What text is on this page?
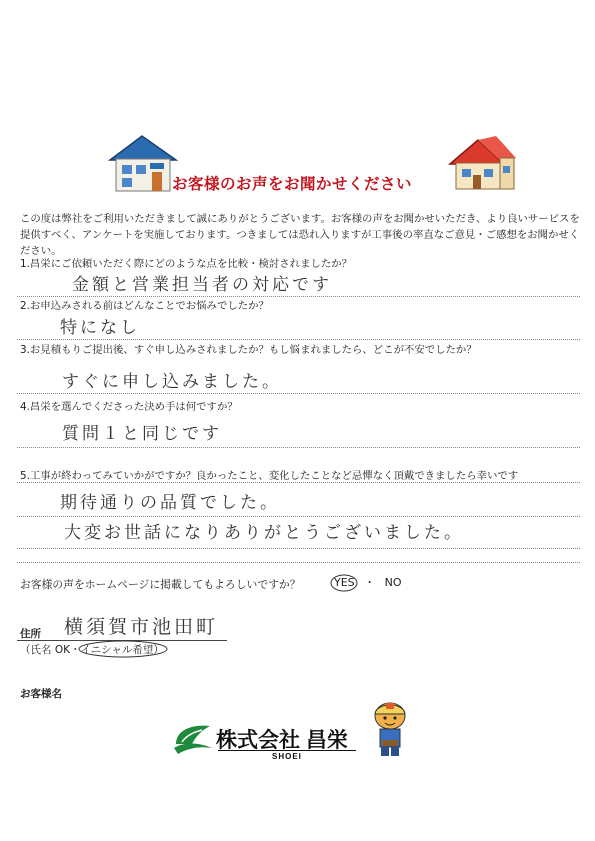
お客様のお声をお聞かせください
この度は弊社をご利用いただきまして誠にありがとうございます。お客様の声をお聞かせいただき、より良いサービスを提供すべく、アンケートを実施しております。つきましては恐れ入りますが工事後の率直なご意見・ご感想をお聞かせください。
1.昌栄にご依頼いただく際にどのような点を比較・検討されましたか？
金額と営業担当者の対応です
2.お申込みされる前はどんなことでお悩みでしたか？
特になし
3.お見積もりご提出後、すぐ申し込みされましたか？もし悩まれましたら、どこが不安でしたか？
すぐに申し込みました。
4.昌栄を選んでくださった決め手は何ですか？
質問１と同じです
5.工事が終わってみていかがですか？良かったこと、変化したことなど忌憚なく頂戴できましたら幸いです
期待通りの品質でした。
大変お世話になりありがとうございました。
お客様の声をホームページに掲載してもよろしいですか？	YES ・ NO
住所 横須賀市池田町
（氏名 OK・イニシャル希望
）
お客様名
株式会社 昌栄
SHOEI
